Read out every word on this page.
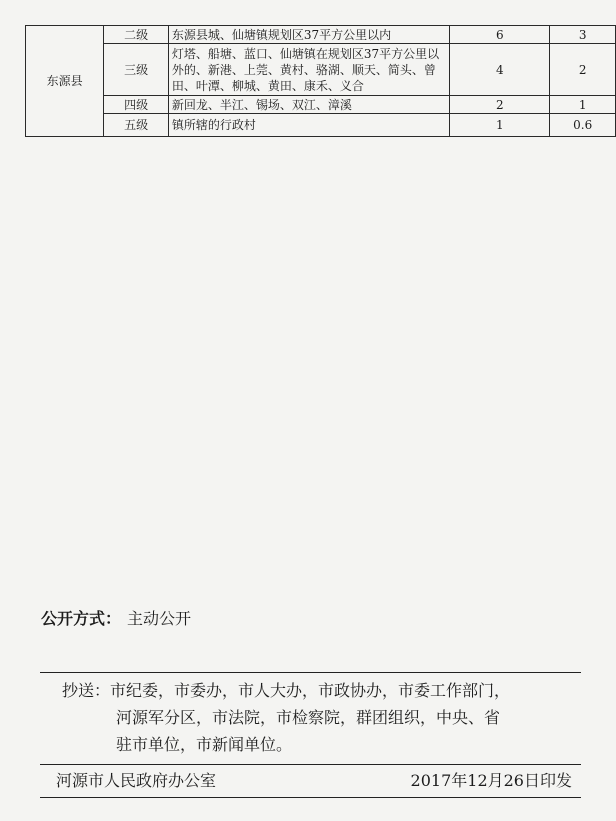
东源县	二级	东源县城、仙塘镇规划区37平方公里以内	6	3
	三级	灯塔、船塘、蓝口、仙塘镇在规划区37平方公里以外的、新港、上莞、黄村、骆湖、顺天、简头、曾田、叶潭、柳城、黄田、康禾、义合	4	2
	四级	新回龙、半江、锡场、双江、漳溪	2	1
	五级	镇所辖的行政村	1	0.6
公开方式： 主动公开
抄送：市纪委，市委办，市人大办，市政协办，市委工作部门，
河源军分区，市法院，市检察院，群团组织，中央、省
驻市单位，市新闻单位。
河源市人民政府办公室	2017年12月26日印发
